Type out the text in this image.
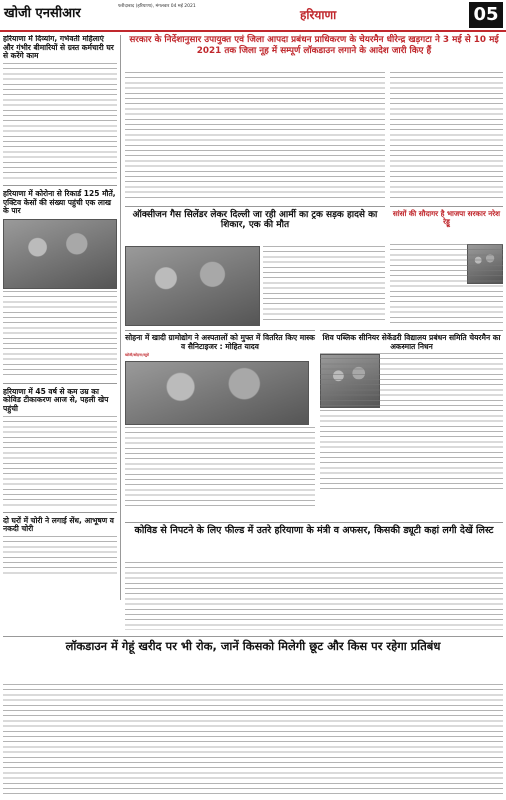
खोजी एनसीआर	फरीदाबाद (हरियाणा), मंगलवार 04 मई 2021
हरियाणा	05
हरियाणा में दिव्यांग, गर्भवती महिलाएं और गंभीर बीमारियों से ग्रस्त कर्मचारी घर से करेंगे काम
हरियाणा में कोरोना से रिकार्ड 125 मौतें, एक्टिव केसों की संख्या पहुंची एक लाख के पार
हरियाणा में 45 वर्ष से कम उम्र का कोविड टीकाकरण आज से, पहली खेप पहुंची
दो घरों में चोरी ने लगाई सेंध, आभूषण व नकदी चोरी
सरकार के निर्देशानुसार उपायुक्त एवं जिला आपदा प्रबंधन प्राधिकरण के चेयरमैन धीरेन्द्र खड़गटा ने 3 मई से 10 मई 2021 तक जिला नूह में सम्पूर्ण लॉकडाउन लगाने के आदेश जारी किए हैं
ऑक्सीजन गैस सिलेंडर लेकर दिल्ली जा रही आर्मी का ट्रक सड़क हादसे का शिकार, एक की मौत
सांसों की सौदागर है भाजपा सरकार नरेश रेड्डू
सोहना में खादी ग्रामोद्योग ने अस्पतालों को मुफ्त में वितरित किए मास्क व सैनिटाइजर : मोहित यादव
खोजी/सोहना/ब्यूरो
शिव पब्लिक सीनियर सेकेंडरी विद्यालय प्रबंधन समिति चेयरमैन का अकस्मात निधन
कोविड से निपटने के लिए फील्ड में उतरे हरियाणा के मंत्री व अफसर, किसकी ड्यूटी कहां लगी देखें लिस्ट
लॉकडाउन में गेहूं खरीद पर भी रोक, जानें किसको मिलेगी छूट और किस पर रहेगा प्रतिबंध
